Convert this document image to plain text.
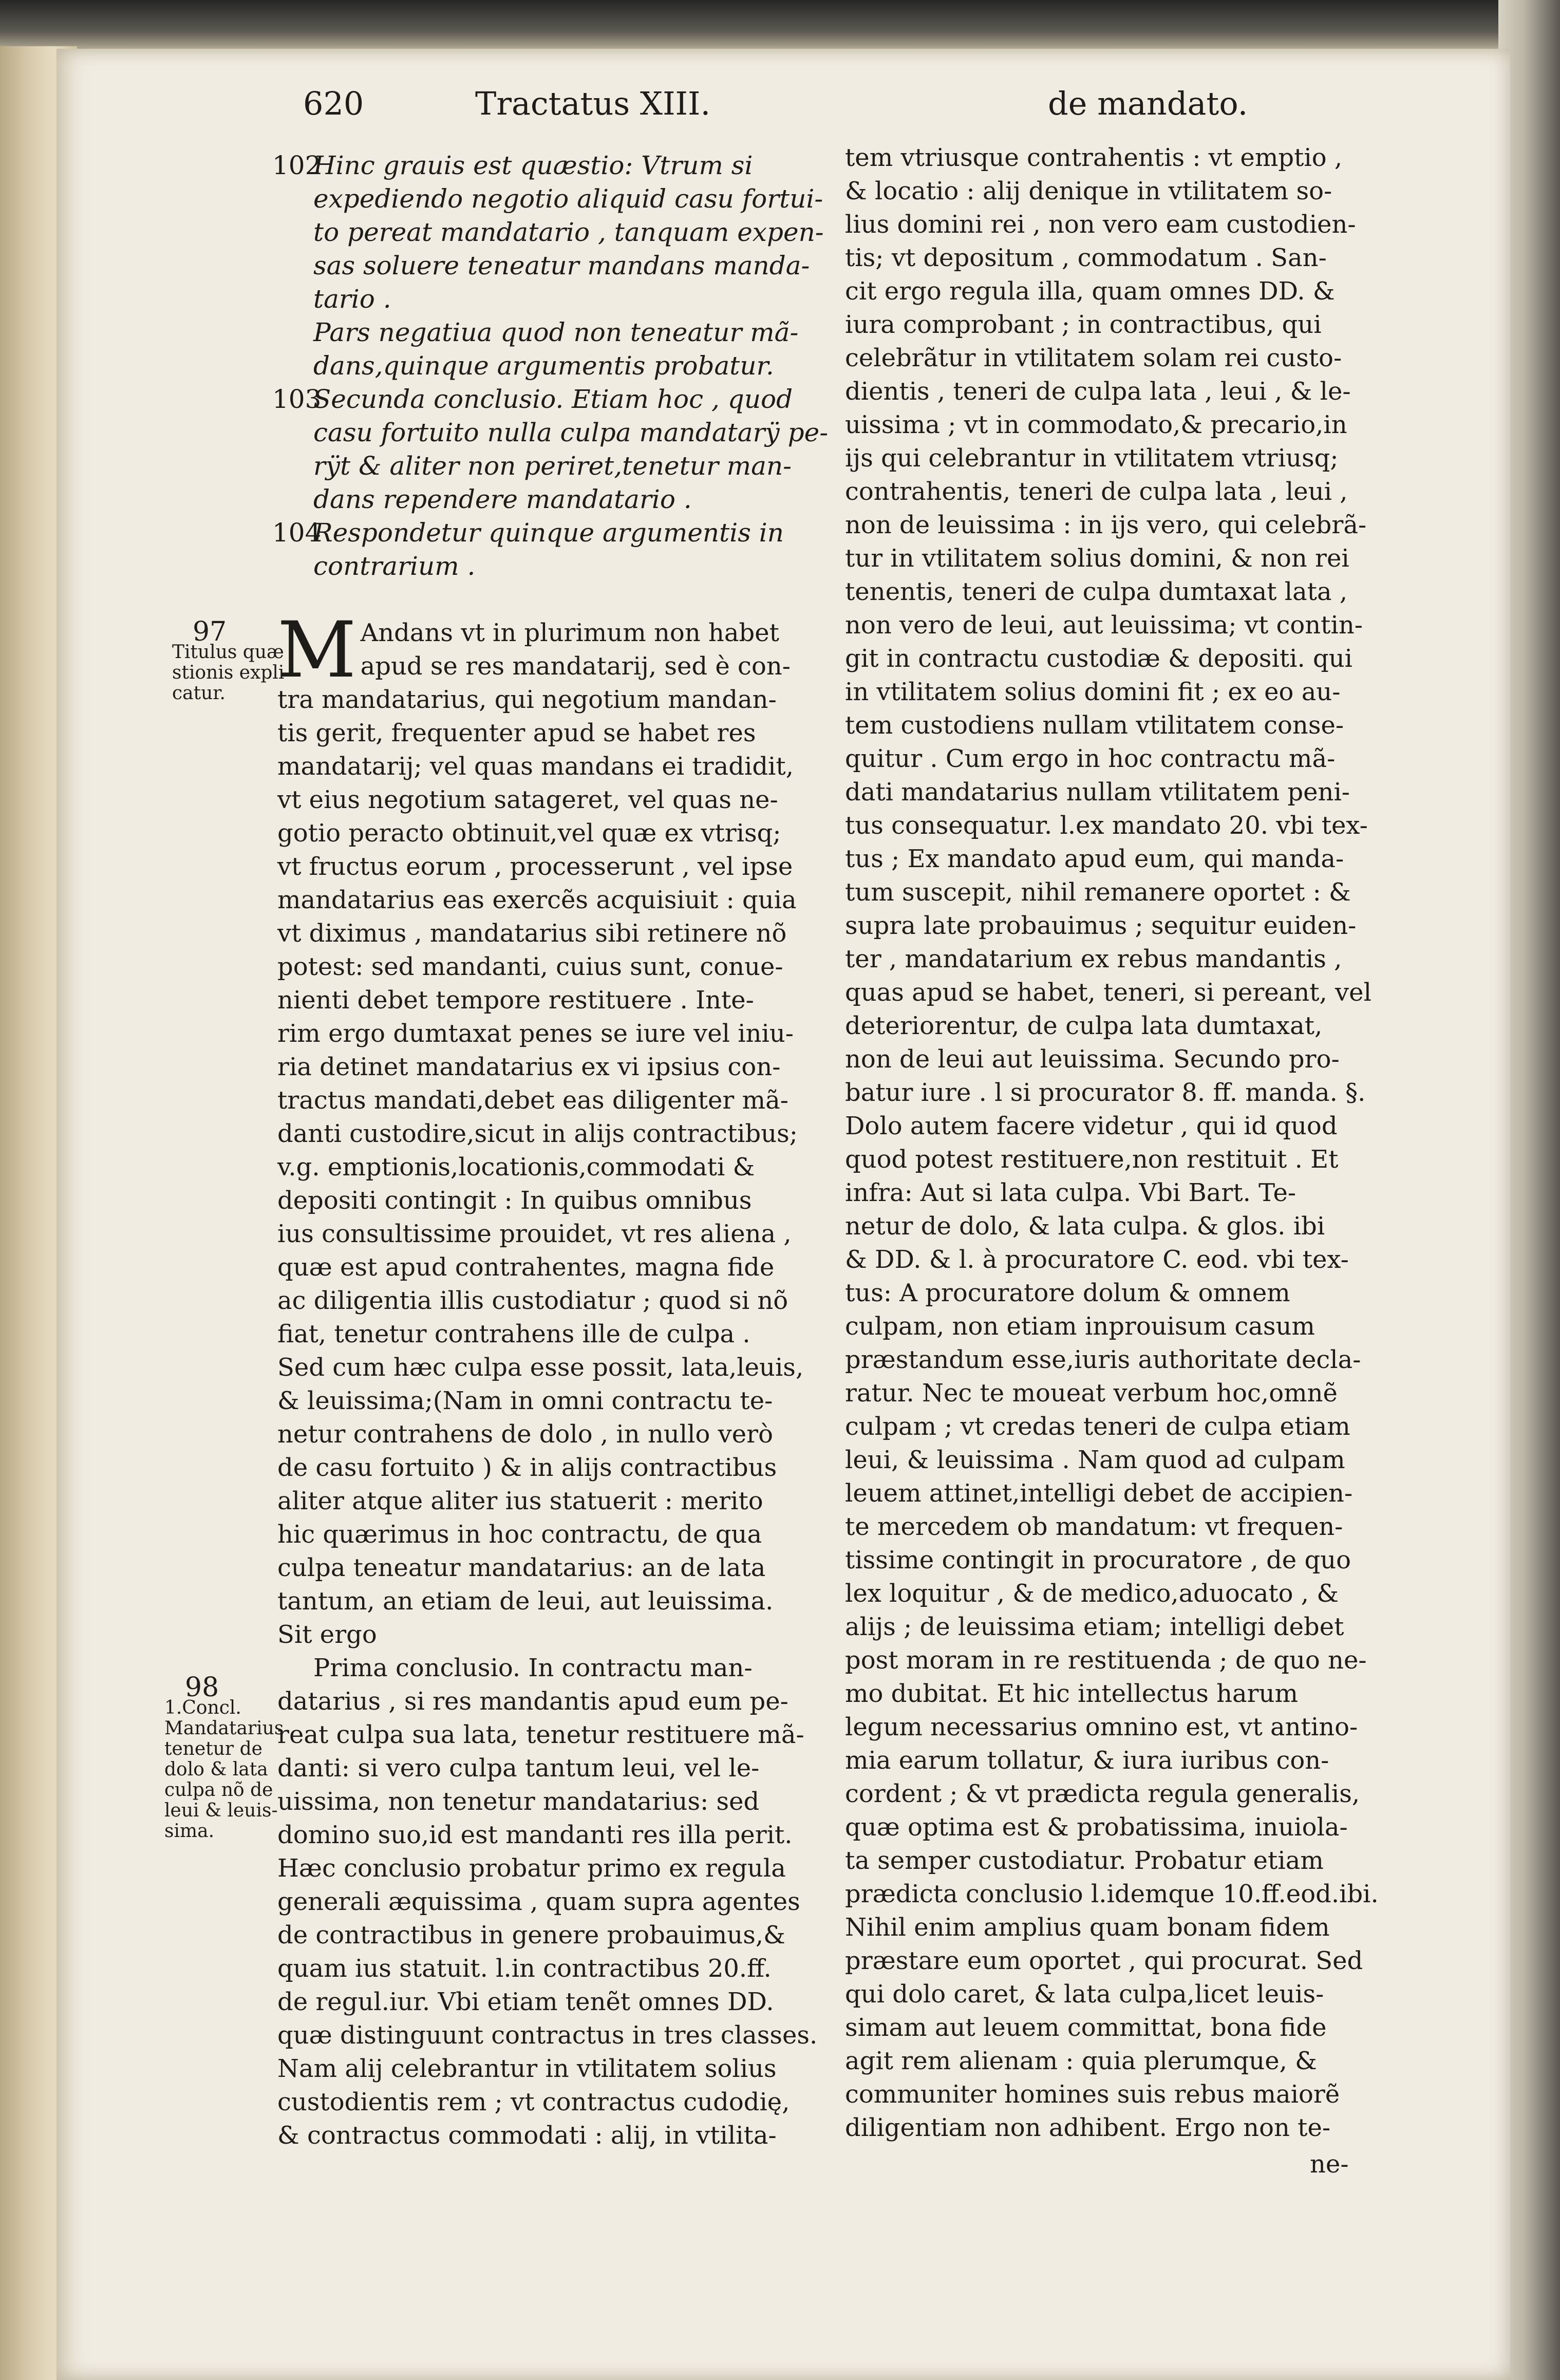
620	Tractatus XIII.	de mandato.

102Hinc grauis est quæstio: Vtrum si

expediendo negotio aliquid casu fortui-

to pereat mandatario , tanquam expen-

sas soluere teneatur mandans manda-

tario .

Pars negatiua quod non teneatur mã-

dans,quinque argumentis probatur.

103Secunda conclusio. Etiam hoc , quod

casu fortuito nulla culpa mandatarÿ pe-

rÿt & aliter non periret,tenetur man-

dans rependere mandatario .

104Respondetur quinque argumentis in

contrarium .

97
Titulus quæ
stionis expli-
catur.
98
1.Concl.
Mandatarius
tenetur de
dolo & lata
culpa nõ de
leui & leuis-
sima.
M Andans vt in plurimum non habet

apud se res mandatarij, sed è con-

tra mandatarius, qui negotium mandan-

tis gerit, frequenter apud se habet res

mandatarij; vel quas mandans ei tradidit,

vt eius negotium satageret, vel quas ne-

gotio peracto obtinuit,vel quæ ex vtrisq;

vt fructus eorum , processerunt , vel ipse

mandatarius eas exercẽs acquisiuit : quia

vt diximus , mandatarius sibi retinere nõ

potest: sed mandanti, cuius sunt, conue-

nienti debet tempore restituere . Inte-

rim ergo dumtaxat penes se iure vel iniu-

ria detinet mandatarius ex vi ipsius con-

tractus mandati,debet eas diligenter mã-

danti custodire,sicut in alijs contractibus;

v.g. emptionis,locationis,commodati &

depositi contingit : In quibus omnibus

ius consultissime prouidet, vt res aliena ,

quæ est apud contrahentes, magna fide

ac diligentia illis custodiatur ; quod si nõ

fiat, tenetur contrahens ille de culpa .

Sed cum hæc culpa esse possit, lata,leuis,

& leuissima;(Nam in omni contractu te-

netur contrahens de dolo , in nullo verò

de casu fortuito ) & in alijs contractibus

aliter atque aliter ius statuerit : merito

hic quærimus in hoc contractu, de qua

culpa teneatur mandatarius: an de lata

tantum, an etiam de leui, aut leuissima.

Sit ergo

Prima conclusio. In contractu man-

datarius , si res mandantis apud eum pe-

reat culpa sua lata, tenetur restituere mã-

danti: si vero culpa tantum leui, vel le-

uissima, non tenetur mandatarius: sed

domino suo,id est mandanti res illa perit.

Hæc conclusio probatur primo ex regula

generali æquissima , quam supra agentes

de contractibus in genere probauimus,&

quam ius statuit. l.in contractibus 20.ff.

de regul.iur. Vbi etiam tenẽt omnes DD.

quæ distinguunt contractus in tres classes.

Nam alij celebrantur in vtilitatem solius

custodientis rem ; vt contractus cudodię,

& contractus commodati : alij, in vtilita-

tem vtriusque contrahentis : vt emptio ,

& locatio : alij denique in vtilitatem so-

lius domini rei , non vero eam custodien-

tis; vt depositum , commodatum . San-

cit ergo regula illa, quam omnes DD. &

iura comprobant ; in contractibus, qui

celebrãtur in vtilitatem solam rei custo-

dientis , teneri de culpa lata , leui , & le-

uissima ; vt in commodato,& precario,in

ijs qui celebrantur in vtilitatem vtriusq;

contrahentis, teneri de culpa lata , leui ,

non de leuissima : in ijs vero, qui celebrã-

tur in vtilitatem solius domini, & non rei

tenentis, teneri de culpa dumtaxat lata ,

non vero de leui, aut leuissima; vt contin-

git in contractu custodiæ & depositi. qui

in vtilitatem solius domini fit ; ex eo au-

tem custodiens nullam vtilitatem conse-

quitur . Cum ergo in hoc contractu mã-

dati mandatarius nullam vtilitatem peni-

tus consequatur. l.ex mandato 20. vbi tex-

tus ; Ex mandato apud eum, qui manda-

tum suscepit, nihil remanere oportet : &

supra late probauimus ; sequitur euiden-

ter , mandatarium ex rebus mandantis ,

quas apud se habet, teneri, si pereant, vel

deteriorentur, de culpa lata dumtaxat,

non de leui aut leuissima. Secundo pro-

batur iure . l si procurator 8. ff. manda. §.

Dolo autem facere videtur , qui id quod

quod potest restituere,non restituit . Et

infra: Aut si lata culpa. Vbi Bart. Te-

netur de dolo, & lata culpa. & glos. ibi

& DD. & l. à procuratore C. eod. vbi tex-

tus: A procuratore dolum & omnem

culpam, non etiam inprouisum casum

præstandum esse,iuris authoritate decla-

ratur. Nec te moueat verbum hoc,omnẽ

culpam ; vt credas teneri de culpa etiam

leui, & leuissima . Nam quod ad culpam

leuem attinet,intelligi debet de accipien-

te mercedem ob mandatum: vt frequen-

tissime contingit in procuratore , de quo

lex loquitur , & de medico,aduocato , &

alijs ; de leuissima etiam; intelligi debet

post moram in re restituenda ; de quo ne-

mo dubitat. Et hic intellectus harum

legum necessarius omnino est, vt antino-

mia earum tollatur, & iura iuribus con-

cordent ; & vt prædicta regula generalis,

quæ optima est & probatissima, inuiola-

ta semper custodiatur. Probatur etiam

prædicta conclusio l.idemque 10.ff.eod.ibi.

Nihil enim amplius quam bonam fidem

præstare eum oportet , qui procurat. Sed

qui dolo caret, & lata culpa,licet leuis-

simam aut leuem committat, bona fide

agit rem alienam : quia plerumque, &

communiter homines suis rebus maiorẽ

diligentiam non adhibent. Ergo non te-

ne-
